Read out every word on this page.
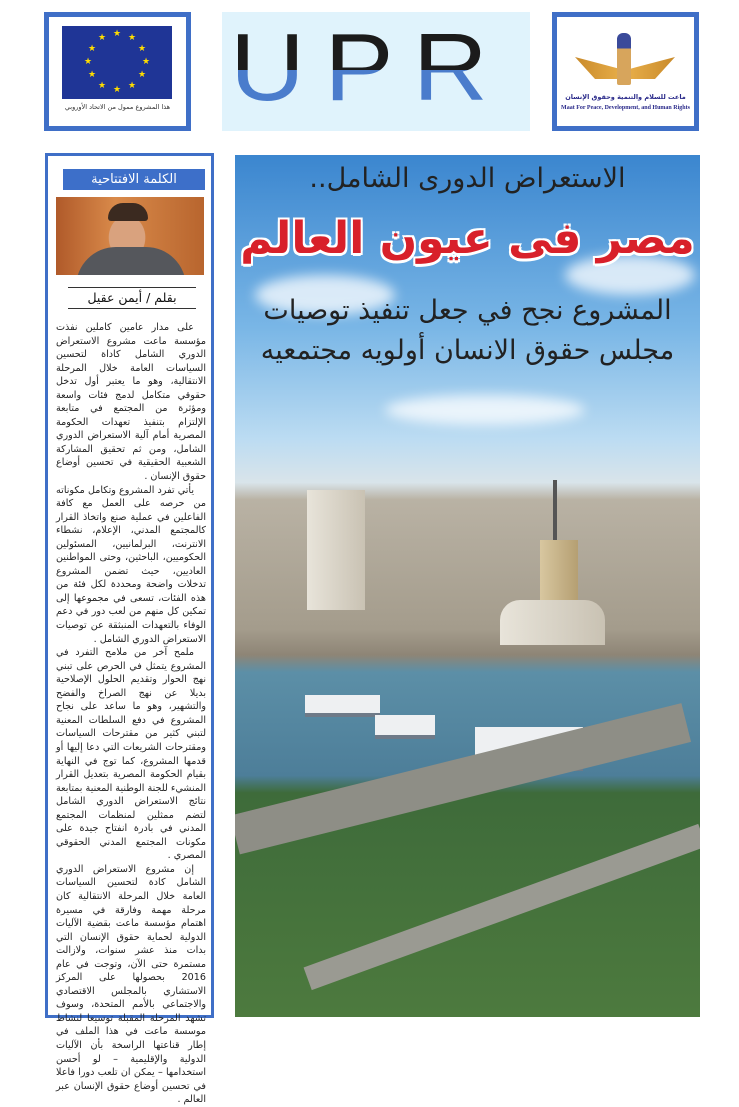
★ ★
★
★
★
★
★
★
★
★
★
★
هذا المشروع ممول من الاتحاد الأوروبي UPR	ماعت للسلام والتنمية وحقوق الإنسان
Maat For Peace, Development, and Human Rights
الكلمة الافتتاحية
بقلم / أيمن عقيل

على مدار عامين كاملين نفذت مؤسسة ماعت مشروع الاستعراض الدوري الشامل كاداة لتحسين السياسات العامة خلال المرحلة الانتقالية، وهو ما يعتبر أول تدخل حقوقي متكامل لدمج فئات واسعة ومؤثرة من المجتمع في متابعة الإلتزام بتنفيذ تعهدات الحكومة المصرية أمام آلية الاستعراض الدوري الشامل، ومن ثم تحقيق المشاركة الشعبية الحقيقية في تحسين أوضاع حقوق الإنسان .

يأتي تفرد المشروع وتكامل مكوناته من حرصه على العمل مع كافة الفاعلين في عملية صنع واتخاذ القرار كالمجتمع المدني، الإعلام، نشطاء الانترنت، البرلمانيين، المسئولين الحكوميين، الباحثين، وحتى المواطنين العاديين، حيث تضمن المشروع تدخلات واضحة ومحددة لكل فئة من هذه الفئات، تسعى في مجموعها إلى تمكين كل منهم من لعب دور في دعم الوفاء بالتعهدات المنبثقة عن توصيات الاستعراض الدوري الشامل .

ملمح آخر من ملامح التفرد في المشروع يتمثل في الحرص على تبني نهج الحوار وتقديم الحلول الإصلاحية بديلا عن نهج الصراخ والفضح والتشهير، وهو ما ساعد على نجاح المشروع في دفع السلطات المعنية لتبني كثير من مقترحات السياسات ومقترحات الشريعات التي دعا إليها أو قدمها المشروع، كما توج في النهاية بقيام الحكومة المصرية بتعديل القرار المنشيء للجنة الوطنية المعنية بمتابعة نتائج الاستعراض الدوري الشامل لتضم ممثلين لمنظمات المجتمع المدني في بادرة انفتاح جيدة على مكونات المجتمع المدني الحقوقي المصري .

إن مشروع الاستعراض الدوري الشامل كادة لتحسين السياسات العامة خلال المرحلة الانتقالية كان مرحلة مهمة وفارقة في مسيرة اهتمام مؤسسة ماعت بقضية الآليات الدولية لحماية حقوق الإنسان التي بدات منذ عشر سنوات، ولازالت مستمرة حتى الآن، وتوجت في عام 2016 بحصولها على المركز الاستشاري بالمجلس الاقتصادي والاجتماعي بالأمم المتحدة، وسوف تشهد المرحلة المقبلة توسيعا لنشاط موسسة ماعت في هذا الملف في إطار قناعتها الراسخة بأن الآليات الدولية والإقليمية – لو أحسن استخدامها – يمكن ان تلعب دورا فاعلا في تحسين أوضاع حقوق الإنسان عبر العالم .

الاستعراض الدورى الشامل..
مصر فى عيون العالم
المشروع نجح في جعل تنفيذ توصيات
مجلس حقوق الانسان أولويه مجتمعيه
